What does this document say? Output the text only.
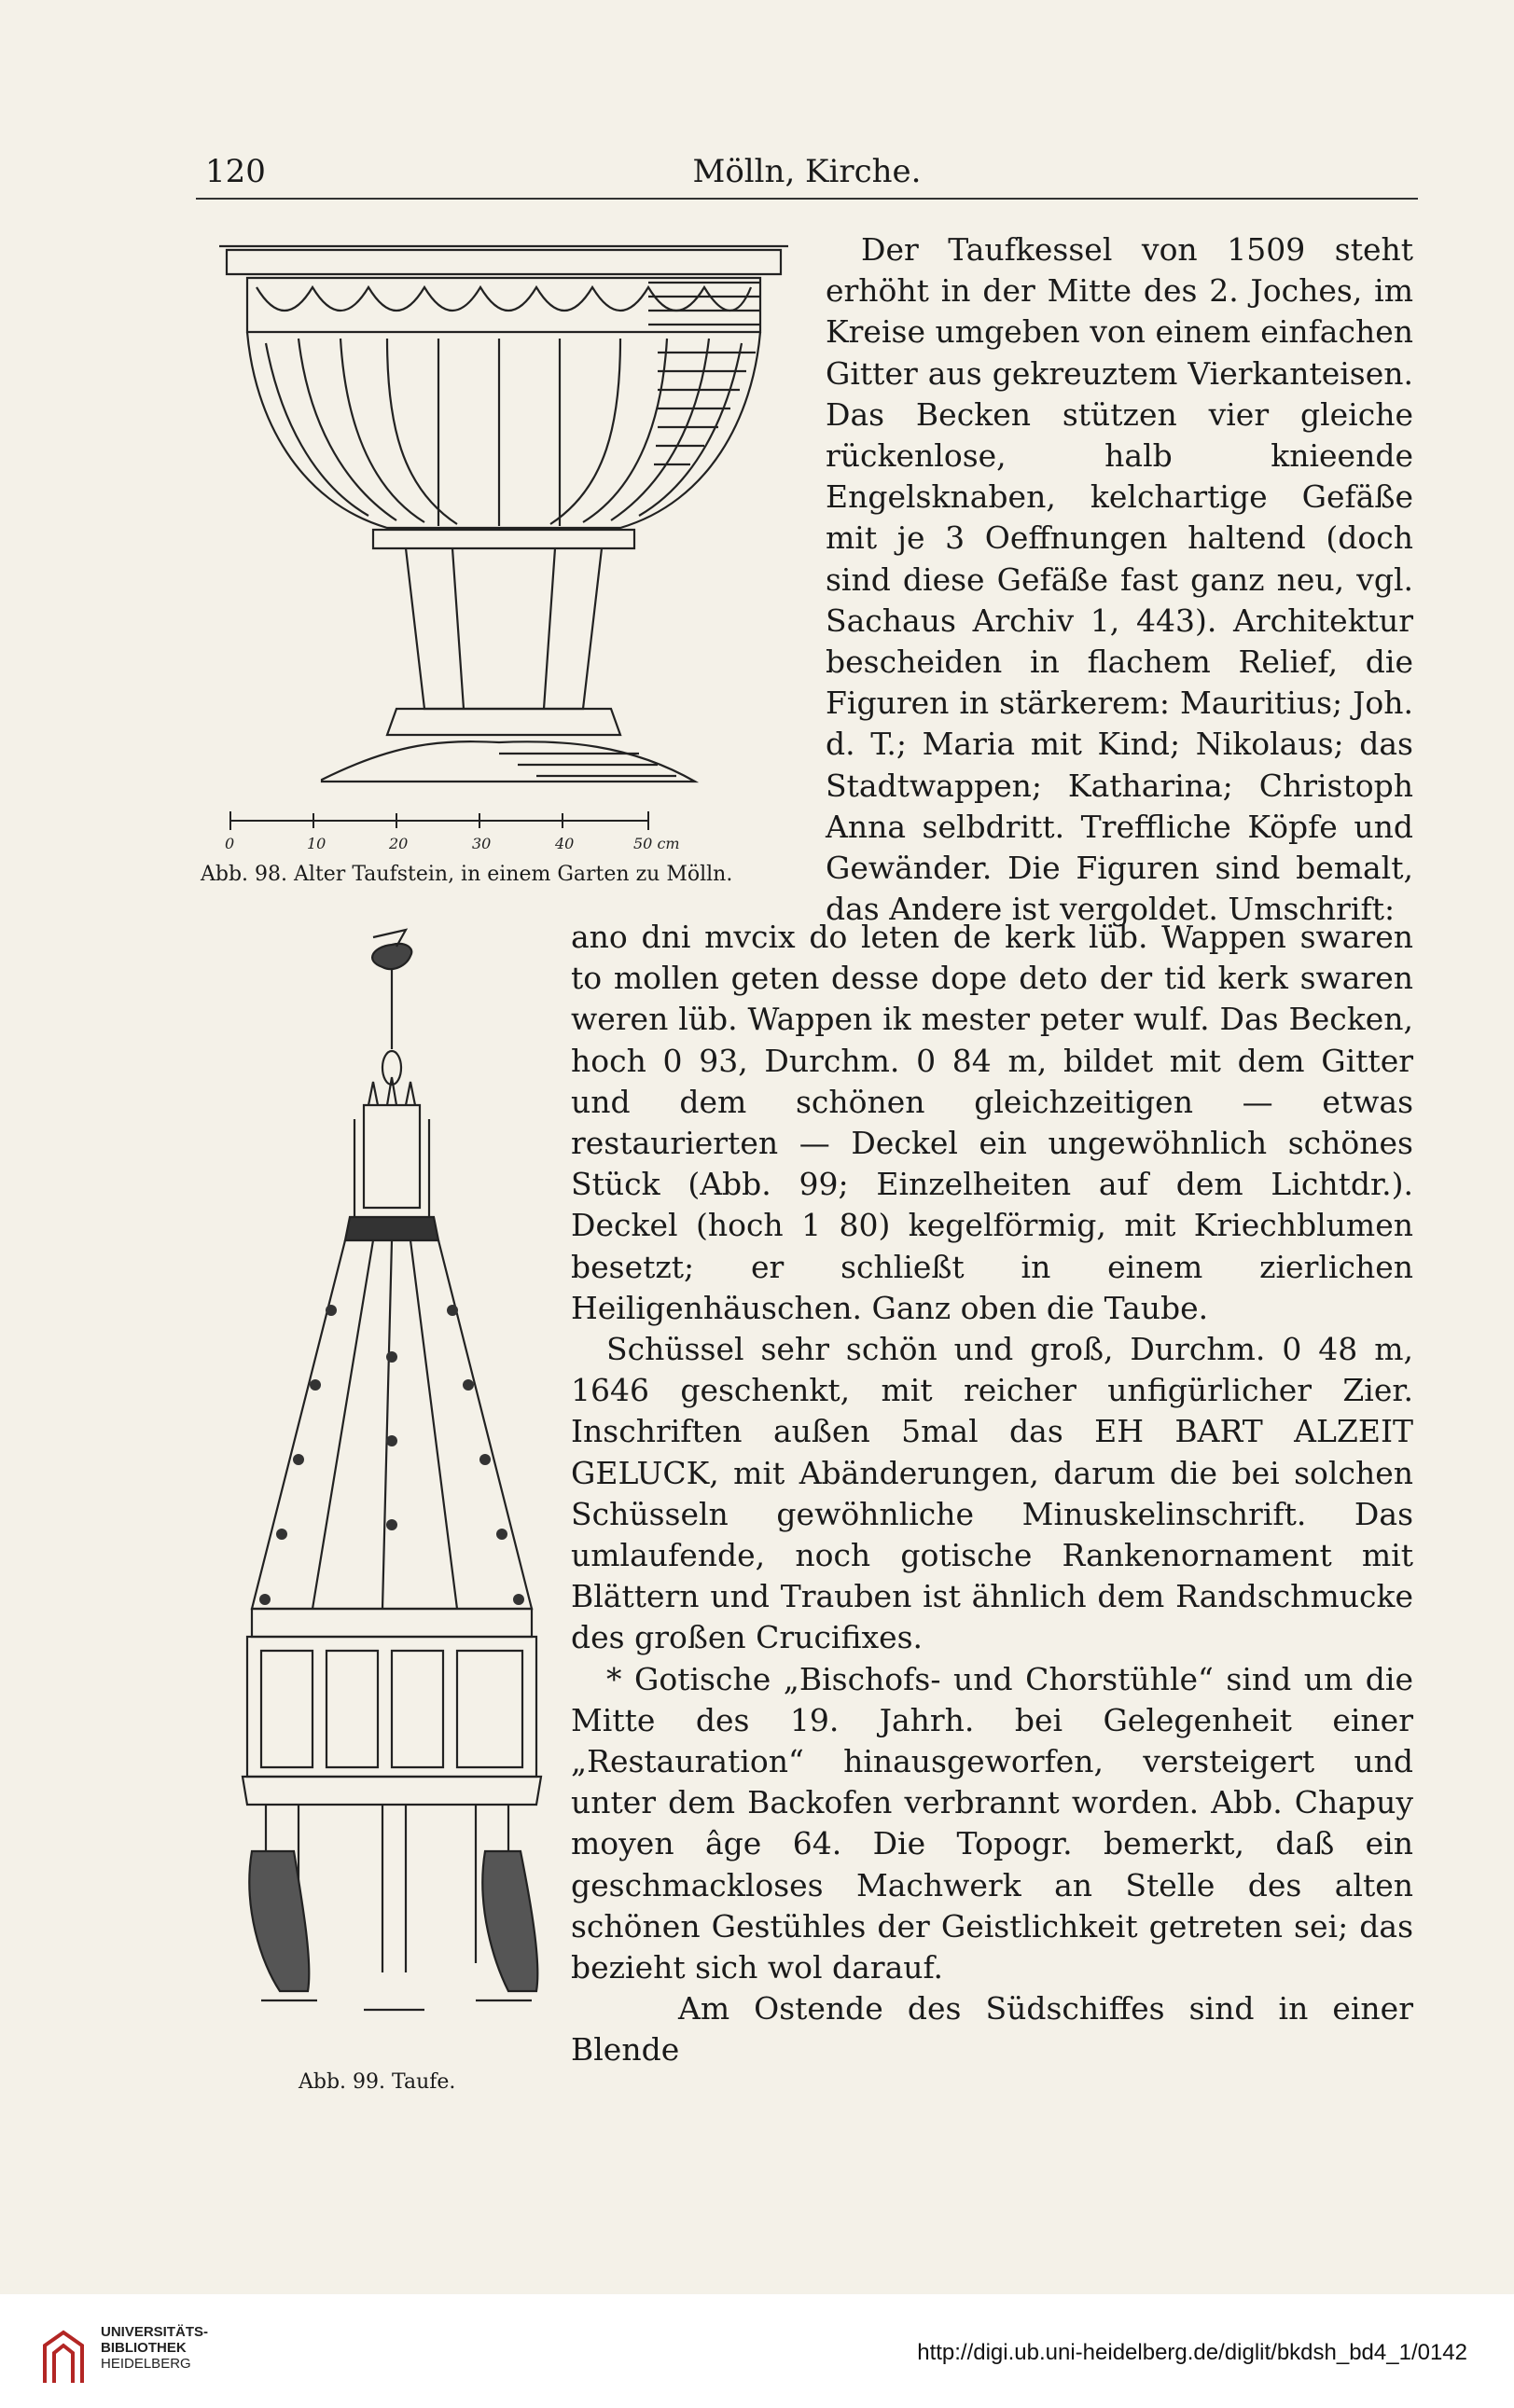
120	Mölln, Kirche.
0	10	20	30	40	50 cm
Abb. 98. Alter Taufstein, in einem Garten zu Mölln.
Abb. 99. Taufe.

Der Taufkessel von 1509 steht erhöht in der Mitte des 2. Joches, im Kreise umgeben von einem einfachen Gitter aus gekreuztem Vierkanteisen. Das Becken stützen vier gleiche rückenlose, halb knieende Engelsknaben, kelchartige Gefäße mit je 3 Oeffnungen haltend (doch sind diese Gefäße fast ganz neu, vgl. Sachaus Archiv 1, 443). Architektur bescheiden in flachem Relief, die Figuren in stärkerem: Mauritius; Joh. d. T.; Maria mit Kind; Nikolaus; das Stadtwappen; Katharina; Christoph Anna selbdritt. Treffliche Köpfe und Gewänder. Die Figuren sind bemalt, das Andere ist vergoldet. Umschrift:

ano dni mvcix do leten de kerk lüb. Wappen swaren to mollen geten desse dope deto der tid kerk swaren weren lüb. Wappen ik mester peter wulf. Das Becken, hoch 0 93, Durchm. 0 84 m, bildet mit dem Gitter und dem schönen gleichzeitigen — etwas restaurierten — Deckel ein ungewöhnlich schönes Stück (Abb. 99; Einzelheiten auf dem Lichtdr.). Deckel (hoch 1 80) kegelförmig, mit Kriechblumen besetzt; er schließt in einem zierlichen Heiligenhäuschen. Ganz oben die Taube.

Schüssel sehr schön und groß, Durchm. 0 48 m, 1646 geschenkt, mit reicher unfigürlicher Zier. Inschriften außen 5mal das EH BART ALZEIT GELUCK, mit Abänderungen, darum die bei solchen Schüsseln gewöhnliche Minuskelinschrift. Das umlaufende, noch gotische Rankenornament mit Blättern und Trauben ist ähnlich dem Randschmucke des großen Crucifixes.

* Gotische „Bischofs- und Chorstühle“ sind um die Mitte des 19. Jahrh. bei Gelegenheit einer „Restauration“ hinausgeworfen, versteigert und unter dem Backofen verbrannt worden. Abb. Chapuy moyen âge 64. Die Topogr. bemerkt, daß ein geschmackloses Machwerk an Stelle des alten schönen Gestühles der Geistlichkeit getreten sei; das bezieht sich wol darauf.

Am Ostende des Südschiffes sind in einer Blende

UNIVERSITÄTS-
BIBLIOTHEK
HEIDELBERG	http://digi.ub.uni-heidelberg.de/diglit/bkdsh_bd4_1/0142
